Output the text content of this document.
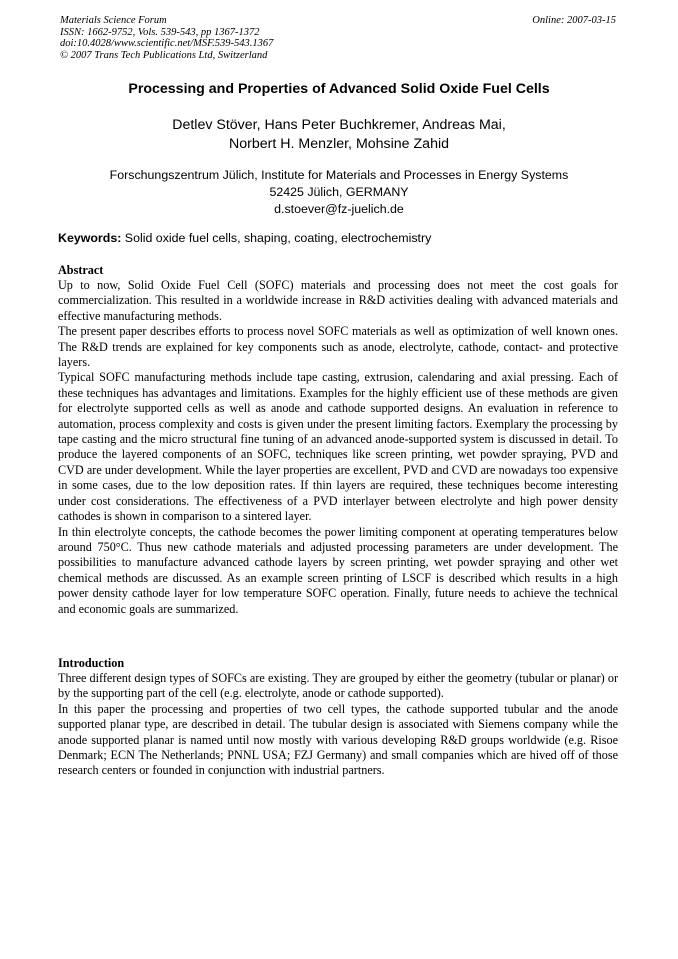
Materials Science Forum
ISSN: 1662-9752, Vols. 539-543, pp 1367-1372
doi:10.4028/www.scientific.net/MSF.539-543.1367
© 2007 Trans Tech Publications Ltd, Switzerland
Online: 2007-03-15
Processing and Properties of Advanced Solid Oxide Fuel Cells
Detlev Stöver, Hans Peter Buchkremer, Andreas Mai,
Norbert H. Menzler, Mohsine Zahid
Forschungszentrum Jülich, Institute for Materials and Processes in Energy Systems
52425 Jülich, GERMANY
d.stoever@fz-juelich.de
Keywords: Solid oxide fuel cells, shaping, coating, electrochemistry
Abstract

Up to now, Solid Oxide Fuel Cell (SOFC) materials and processing does not meet the cost goals for commercialization. This resulted in a worldwide increase in R&D activities dealing with advanced materials and effective manufacturing methods.

The present paper describes efforts to process novel SOFC materials as well as optimization of well known ones. The R&D trends are explained for key components such as anode, electrolyte, cathode, contact- and protective layers.

Typical SOFC manufacturing methods include tape casting, extrusion, calendaring and axial pressing. Each of these techniques has advantages and limitations. Examples for the highly efficient use of these methods are given for electrolyte supported cells as well as anode and cathode supported designs. An evaluation in reference to automation, process complexity and costs is given under the present limiting factors. Exemplary the processing by tape casting and the micro structural fine tuning of an advanced anode-supported system is discussed in detail. To produce the layered components of an SOFC, techniques like screen printing, wet powder spraying, PVD and CVD are under development. While the layer properties are excellent, PVD and CVD are nowadays too expensive in some cases, due to the low deposition rates. If thin layers are required, these techniques become interesting under cost considerations. The effectiveness of a PVD interlayer between electrolyte and high power density cathodes is shown in comparison to a sintered layer.

In thin electrolyte concepts, the cathode becomes the power limiting component at operating temperatures below around 750°C. Thus new cathode materials and adjusted processing parameters are under development. The possibilities to manufacture advanced cathode layers by screen printing, wet powder spraying and other wet chemical methods are discussed. As an example screen printing of LSCF is described which results in a high power density cathode layer for low temperature SOFC operation. Finally, future needs to achieve the technical and economic goals are summarized.

Introduction

Three different design types of SOFCs are existing. They are grouped by either the geometry (tubular or planar) or by the supporting part of the cell (e.g. electrolyte, anode or cathode supported).

In this paper the processing and properties of two cell types, the cathode supported tubular and the anode supported planar type, are described in detail. The tubular design is associated with Siemens company while the anode supported planar is named until now mostly with various developing R&D groups worldwide (e.g. Risoe Denmark; ECN The Netherlands; PNNL USA; FZJ Germany) and small companies which are hived off of those research centers or founded in conjunction with industrial partners.
